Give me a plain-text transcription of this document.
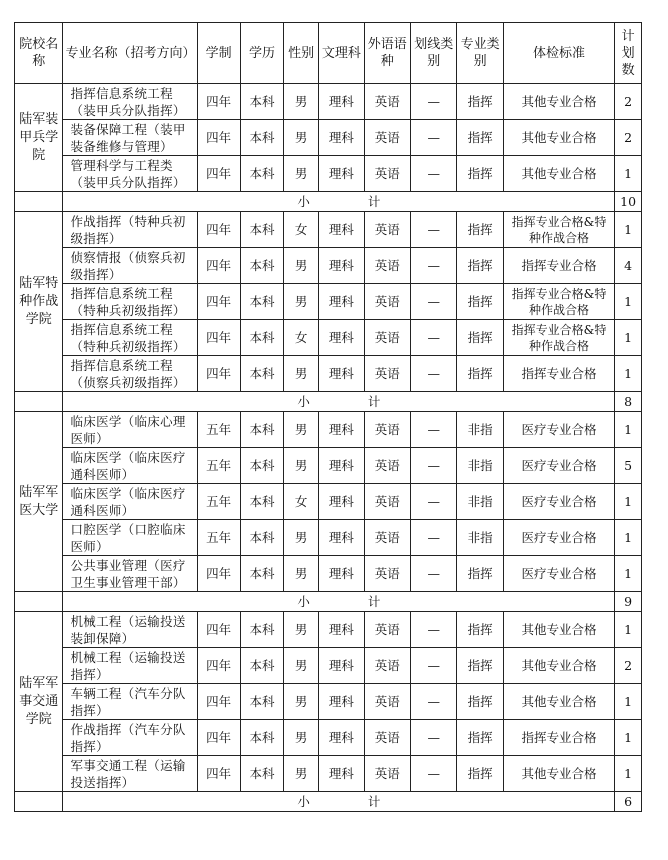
院校名称	专业名称（招考方向）	学制	学历	性别	文理科	外语语种	划线类别	专业类别	体检标准	计划数
陆军装甲兵学院	指挥信息系统工程（装甲兵分队指挥）	四年	本科	男	理科	英语	—	指挥	其他专业合格	2
	装备保障工程（装甲装备维修与管理）	四年	本科	男	理科	英语	—	指挥	其他专业合格	2
	管理科学与工程类（装甲兵分队指挥）	四年	本科	男	理科	英语	—	指挥	其他专业合格	1
	小 计									10
陆军特种作战学院	作战指挥（特种兵初级指挥）	四年	本科	女	理科	英语	—	指挥	指挥专业合格&特种作战合格	1
	侦察情报（侦察兵初级指挥）	四年	本科	男	理科	英语	—	指挥	指挥专业合格	4
	指挥信息系统工程（特种兵初级指挥）	四年	本科	男	理科	英语	—	指挥	指挥专业合格&特种作战合格	1
	指挥信息系统工程（特种兵初级指挥）	四年	本科	女	理科	英语	—	指挥	指挥专业合格&特种作战合格	1
	指挥信息系统工程（侦察兵初级指挥）	四年	本科	男	理科	英语	—	指挥	指挥专业合格	1
	小 计									8
陆军军医大学	临床医学（临床心理医师）	五年	本科	男	理科	英语	—	非指	医疗专业合格	1
	临床医学（临床医疗通科医师）	五年	本科	男	理科	英语	—	非指	医疗专业合格	5
	临床医学（临床医疗通科医师）	五年	本科	女	理科	英语	—	非指	医疗专业合格	1
	口腔医学（口腔临床医师）	五年	本科	男	理科	英语	—	非指	医疗专业合格	1
	公共事业管理（医疗卫生事业管理干部）	四年	本科	男	理科	英语	—	指挥	医疗专业合格	1
	小 计									9
陆军军事交通学院	机械工程（运输投送装卸保障）	四年	本科	男	理科	英语	—	指挥	其他专业合格	1
	机械工程（运输投送指挥）	四年	本科	男	理科	英语	—	指挥	其他专业合格	2
	车辆工程（汽车分队指挥）	四年	本科	男	理科	英语	—	指挥	其他专业合格	1
	作战指挥（汽车分队指挥）	四年	本科	男	理科	英语	—	指挥	指挥专业合格	1
	军事交通工程（运输投送指挥）	四年	本科	男	理科	英语	—	指挥	其他专业合格	1
	小 计									6
